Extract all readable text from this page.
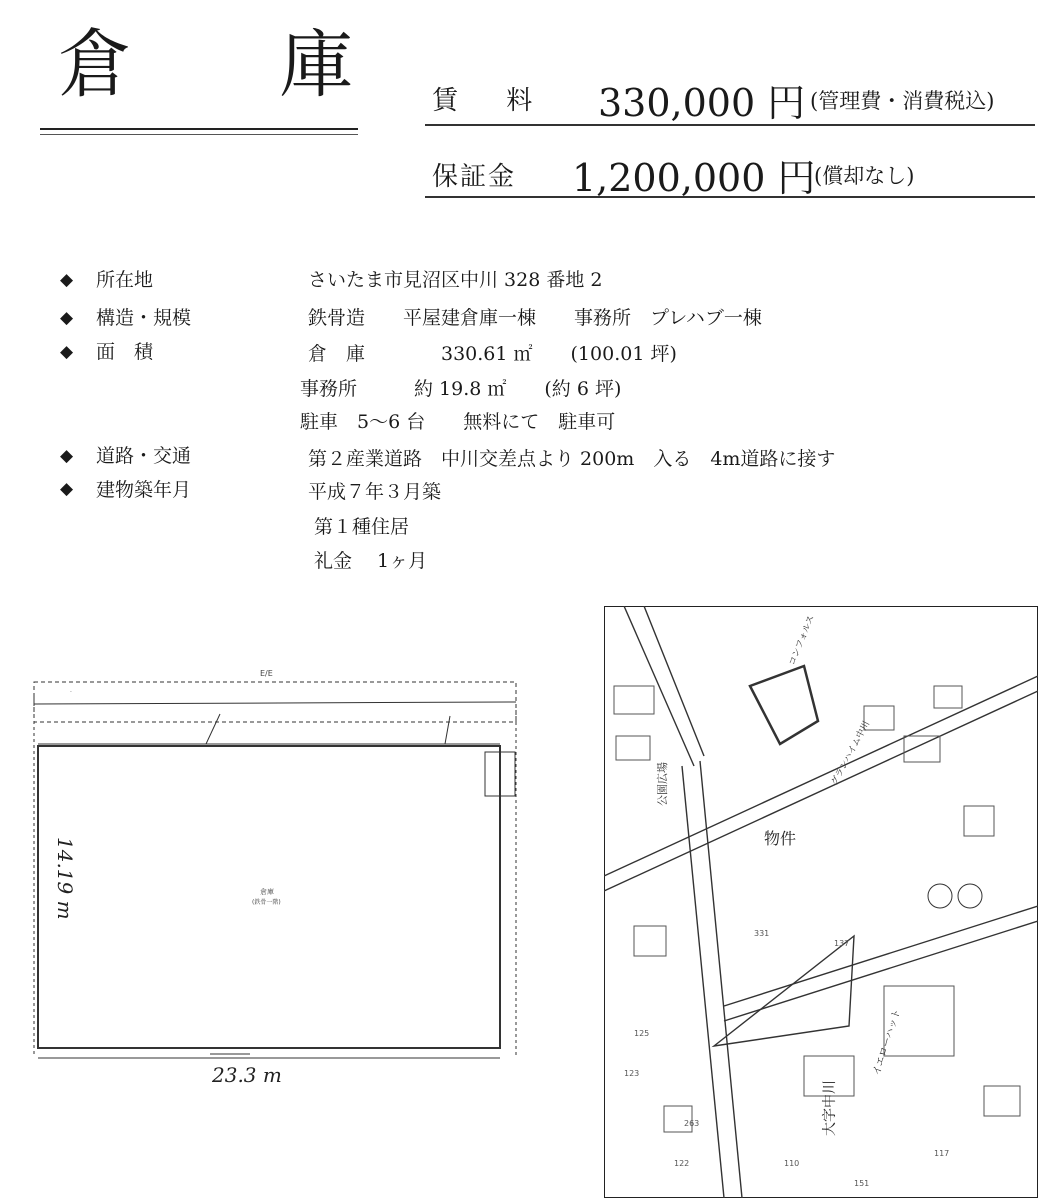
倉 庫 賃 料 330,000 円 (管理費・消費税込)
保証金 1,200,000 円
(償却なし)
◆ 所在地	さいたま市見沼区中川 328 番地 2
◆ 構造・規模	鉄骨造　　平屋建倉庫一棟　　事務所　プレハブ一棟
◆ 面　積	倉　庫　　　　330.61 ㎡　　(100.01 坪)
事務所　　　約 19.8 ㎡　　(約 6 坪)
駐車　5～6 台　　無料にて　駐車可
◆ 道路・交通	第２産業道路　中川交差点より 200m　入る　4m道路に接す
◆ 建物築年月	平成７年３月築
第１種住居
礼金　 1ヶ月
·
倉庫
(鉄骨一階)
E/E
14.19 m
23.3 m
公園広場
物件
大字中川
イエローハット
グランハイム中川
コンフォルス
263
125
123
122
331
137
117
110
151
